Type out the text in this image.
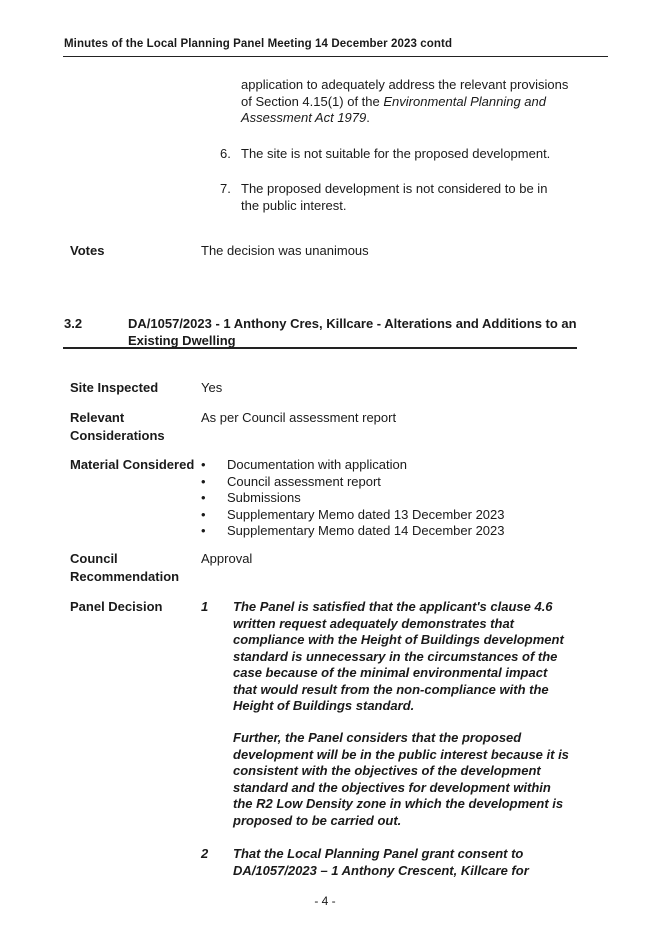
Minutes of the Local Planning Panel Meeting 14 December 2023 contd
application to adequately address the relevant provisions of Section 4.15(1) of the Environmental Planning and Assessment Act 1979.
6. The site is not suitable for the proposed development.
7. The proposed development is not considered to be in the public interest.
Votes	The decision was unanimous
3.2	DA/1057/2023 - 1 Anthony Cres, Killcare - Alterations and Additions to an Existing Dwelling
Site Inspected	Yes
Relevant Considerations
As per Council assessment report
Material Considered
•	Documentation with application
• Council assessment report
• Submissions
• Supplementary Memo dated 13 December 2023
• Supplementary Memo dated 14 December 2023
Council Recommendation
Approval
Panel Decision	1 The Panel is satisfied that the applicant's clause 4.6 written request adequately demonstrates that compliance with the Height of Buildings development standard is unnecessary in the circumstances of the case because of the minimal environmental impact that would result from the non-compliance with the Height of Buildings standard.
Further, the Panel considers that the proposed development will be in the public interest because it is consistent with the objectives of the development standard and the objectives for development within the R2 Low Density zone in which the development is proposed to be carried out.
2 That the Local Planning Panel grant consent to DA/1057/2023 – 1 Anthony Crescent, Killcare for
- 4 -
